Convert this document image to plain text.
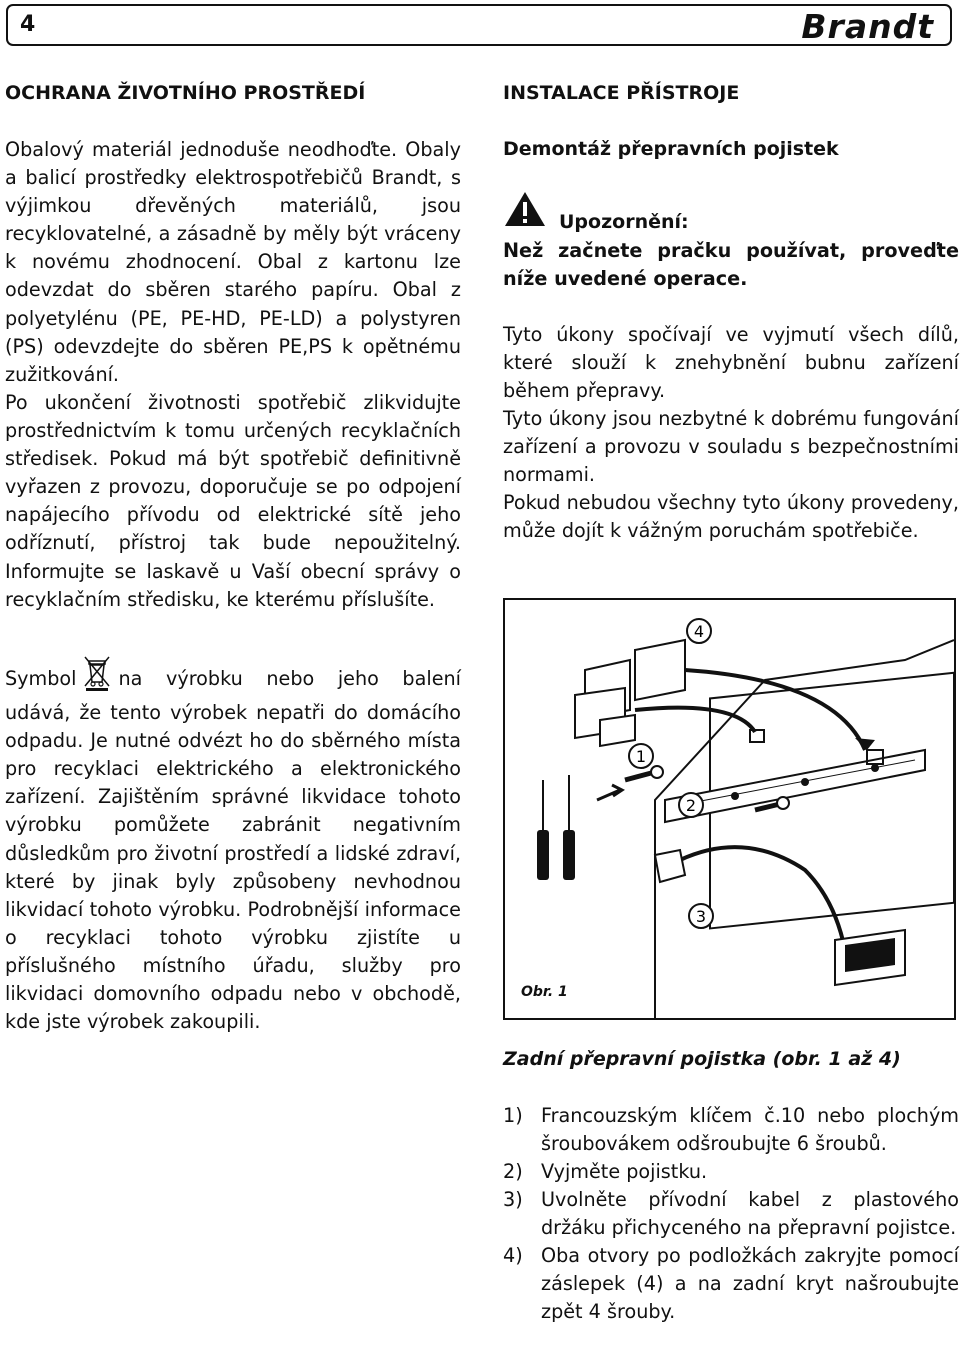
4	Brandt
OCHRANA ŽIVOTNÍHO PROSTŘEDÍ

Obalový materiál jednoduše neodhoďte. Obaly a balicí prostředky elektrospotřebičů Brandt, s výjimkou dřevěných materiálů, jsou recyklovatelné, a zásadně by měly být vráceny k novému zhodnocení. Obal z kartonu lze odevzdat do sběren starého papíru. Obal z polyetylénu (PE, PE-HD, PE-LD) a polystyren (PS) odevzdejte do sběren PE,PS k opětnému zužitkování.

Po ukončení životnosti spotřebič zlikvidujte prostřednictvím k tomu určených recyklačních středisek. Pokud má být spotřebič definitivně vyřazen z provozu, doporučuje se po odpojení napájecího přívodu od elektrické sítě jeho odříznutí, přístroj tak bude nepoužitelný. Informujte se laskavě u Vaší obecní správy o recyklačním středisku, ke kterému příslušíte.

Symbol na výrobku nebo jeho balení udává, že tento výrobek nepatři do domácího odpadu. Je nutné odvézt ho do sběrného místa pro recyklaci elektrického a elektronického zařízení. Zajištěním správné likvidace tohoto výrobku pomůžete zabránit negativním důsledkům pro životní prostředí a lidské zdraví, které by jinak byly způsobeny nevhodnou likvidací tohoto výrobku. Podrobnější informace o recyklaci tohoto výrobku zjistíte u příslušného místního úřadu, služby pro likvidaci domovního odpadu nebo v obchodě, kde jste výrobek zakoupili.

INSTALACE PŘÍSTROJE
Demontáž přepravních pojistek
Upozornění:

Než začnete pračku používat, proveďte níže uvedené operace.

Tyto úkony spočívají ve vyjmutí všech dílů, které slouží k znehybnění bubnu zařízení během přepravy.

Tyto úkony jsou nezbytné k dobrému fungování zařízení a provozu v souladu s bezpečnostními normami.

Pokud nebudou všechny tyto úkony provedeny, může dojít k vážným poruchám spotřebiče.

4
1
2
3
Obr. 1
Zadní přepravní pojistka (obr. 1 až 4)
1) Francouzským klíčem č.10 nebo plochým šroubovákem odšroubujte 6 šroubů.
2) Vyjměte pojistku.
3) Uvolněte přívodní kabel z plastového držáku přichyceného na přepravní pojistce.
4) Oba otvory po podložkách zakryjte pomocí záslepek (4) a na zadní kryt našroubujte zpět 4 šrouby.
